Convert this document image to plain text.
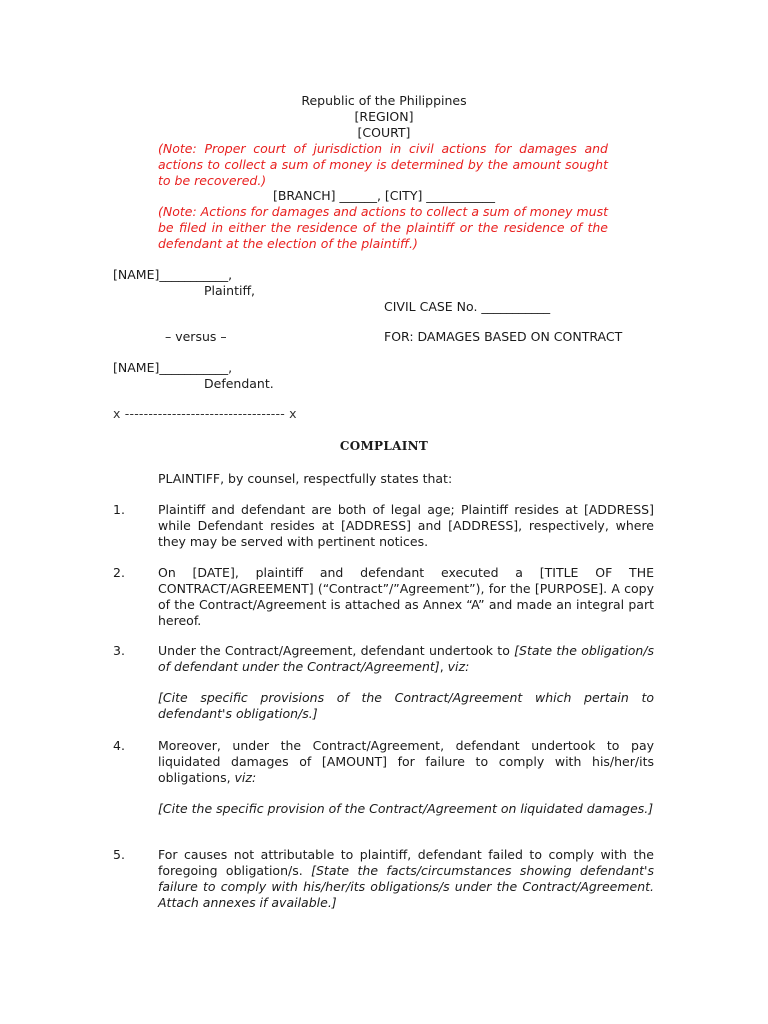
Republic of the Philippines
[REGION]
[COURT]
(Note: Proper court of jurisdiction in civil actions for damages and actions to collect a sum of money is determined by the amount sought to be recovered.)
[BRANCH] ______, [CITY] ___________
(Note: Actions for damages and actions to collect a sum of money must be filed in either the residence of the plaintiff or the residence of the defendant at the election of the plaintiff.)
[NAME]___________,
Plaintiff,
CIVIL CASE No. ___________
– versus –	FOR: DAMAGES BASED ON CONTRACT
[NAME]___________,
Defendant.
x ---------------------------------- x
COMPLAINT
PLAINTIFF, by counsel, respectfully states that:
1.	Plaintiff and defendant are both of legal age; Plaintiff resides at [ADDRESS] while Defendant resides at [ADDRESS] and [ADDRESS], respectively, where they may be served with pertinent notices.
2.	On [DATE], plaintiff and defendant executed a [TITLE OF THE CONTRACT/AGREEMENT] (“Contract”/”Agreement”), for the [PURPOSE]. A copy of the Contract/Agreement is attached as Annex “A” and made an integral part hereof.
3.	Under the Contract/Agreement, defendant undertook to [State the obligation/s of defendant under the Contract/Agreement], viz:
[Cite specific provisions of the Contract/Agreement which pertain to defendant's obligation/s.]
4.	Moreover, under the Contract/Agreement, defendant undertook to pay liquidated damages of [AMOUNT] for failure to comply with his/her/its obligations, viz:
[Cite the specific provision of the Contract/Agreement on liquidated damages.]
5.	For causes not attributable to plaintiff, defendant failed to comply with the foregoing obligation/s. [State the facts/circumstances showing defendant's failure to comply with his/her/its obligations/s under the Contract/Agreement. Attach annexes if available.]
